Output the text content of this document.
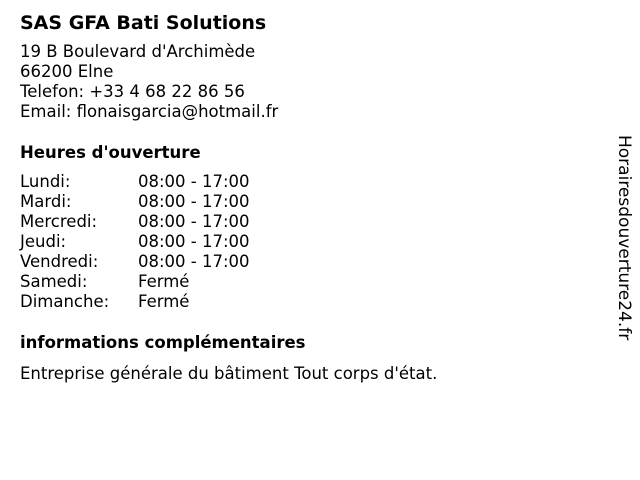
SAS GFA Bati Solutions
19 B Boulevard d'Archimède
66200 Elne
Telefon: +33 4 68 22 86 56
Email: flonaisgarcia@hotmail.fr
Heures d'ouverture
Lundi:	08:00 - 17:00
Mardi:	08:00 - 17:00
Mercredi:	08:00 - 17:00
Jeudi:	08:00 - 17:00
Vendredi:	08:00 - 17:00
Samedi:	Fermé
Dimanche:	Fermé
informations complémentaires
Entreprise générale du bâtiment Tout corps d'état.
Horairesdouverture24.fr
